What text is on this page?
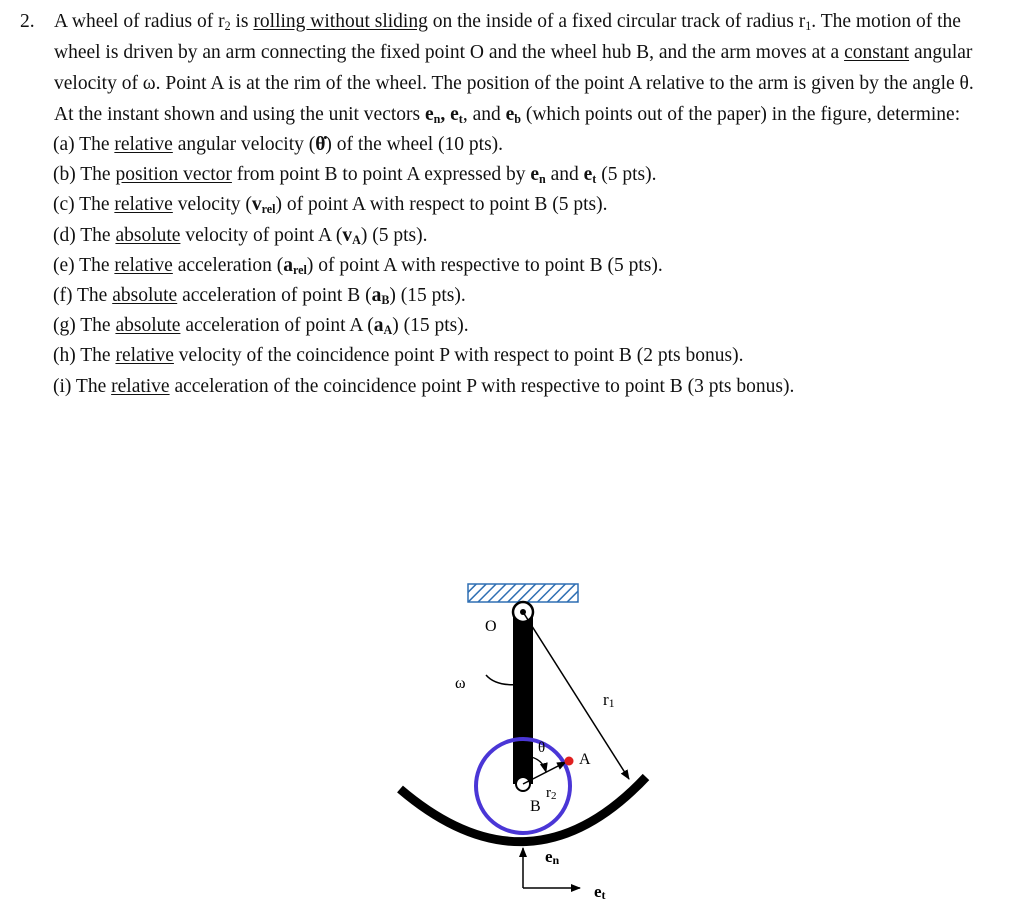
2. A wheel of radius of $r_2$ is rolling without sliding on the inside of a fixed circular track of radius $r_1$. The motion of the wheel is driven by an arm connecting the fixed point O and the wheel hub B, and the arm moves at a constant angular velocity of ω. Point A is at the rim of the wheel. The position of the point A relative to the arm is given by the angle θ. At the instant shown and using the unit vectors $e_n$, $e_t$, and $e_b$ (which points out of the paper) in the figure, determine:
(a) The relative angular velocity (θ̇) of the wheel (10 pts).
(b) The position vector from point B to point A expressed by $e_n$ and $e_t$ (5 pts).
(c) The relative velocity $(v_{rel})$ of point A with respect to point B (5 pts).
(d) The absolute velocity of point A $(v_A)$ (5 pts).
(e) The relative acceleration $(a_{rel})$ of point A with respective to point B (5 pts).
(f) The absolute acceleration of point B $(a_B)$ (15 pts).
(g) The absolute acceleration of point A $(a_A)$ (15 pts).
(h) The relative velocity of the coincidence point P with respect to point B (2 pts bonus).
(i) The relative acceleration of the coincidence point P with respective to point B (3 pts bonus).
O
ω
r1
θ
A
r2
B
en
et
